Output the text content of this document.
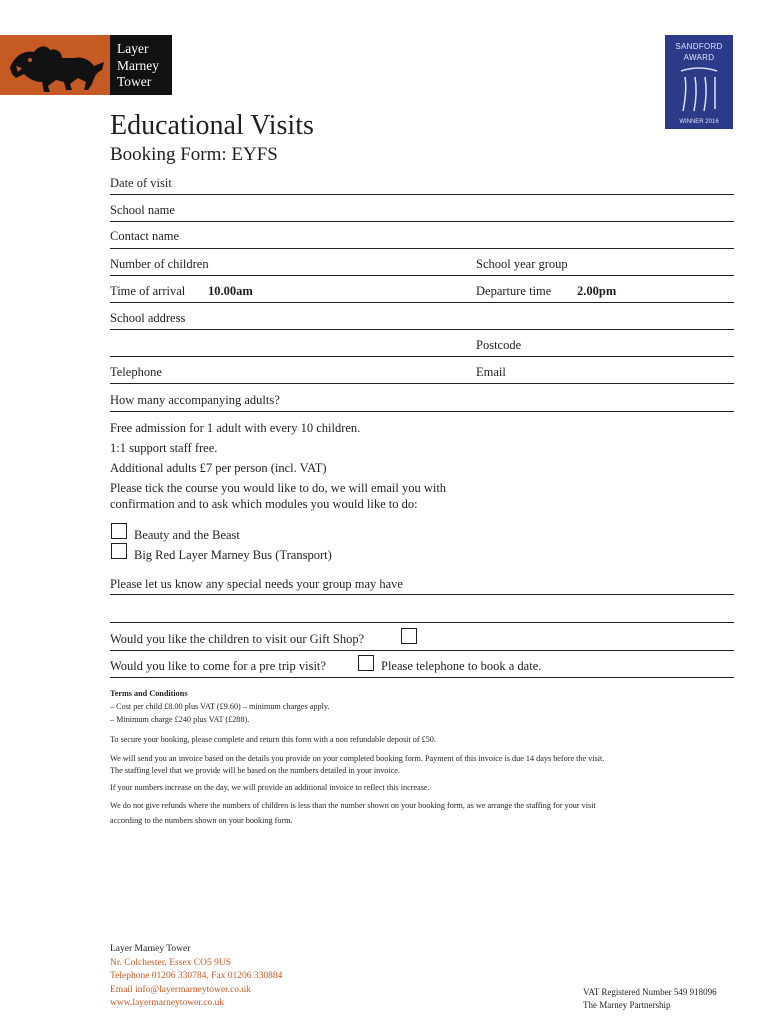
Layer
Marney
Tower
SANDFORD
AWARD
WINNER 2016
Educational Visits
Booking Form: EYFS
Date of visit
School name
Contact name
Number of children	School year group
Time of arrival 10.00am	Departure time 2.00pm
School address
Postcode
Telephone	Email
How many accompanying adults?
Free admission for 1 adult with every 10 children.
1:1 support staff free.
Additional adults £7 per person (incl. VAT)
Please tick the course you would like to do, we will email you with
confirmation and to ask which modules you would like to do:
Beauty and the Beast
Big Red Layer Marney Bus (Transport)
Please let us know any special needs your group may have
Would you like the children to visit our Gift Shop?
Would you like to come for a pre trip visit?	Please telephone to book a date.
Terms and Conditions
– Cost per child £8.00 plus VAT (£9.60) – minimum charges apply.
– Minimum charge £240 plus VAT (£288).
To secure your booking, please complete and return this form with a non refundable deposit of £50.
We will send you an invoice based on the details you provide on your completed booking form. Payment of this invoice is due 14 days before the visit.
The staffing level that we provide will be based on the numbers detailed in your invoice.
If your numbers increase on the day, we will provide an additional invoice to reflect this increase.
We do not give refunds where the numbers of children is less than the number shown on your booking form, as we arrange the staffing for your visit
according to the numbers shown on your booking form.
Layer Marney Tower
Nr. Colchester, Essex CO5 9US
Telephone 01206 330784, Fax 01206 330884
Email info@layermarneytower.co.uk
www.layermarneytower.co.uk
VAT Registered Number 549 918096
The Marney Partnership
